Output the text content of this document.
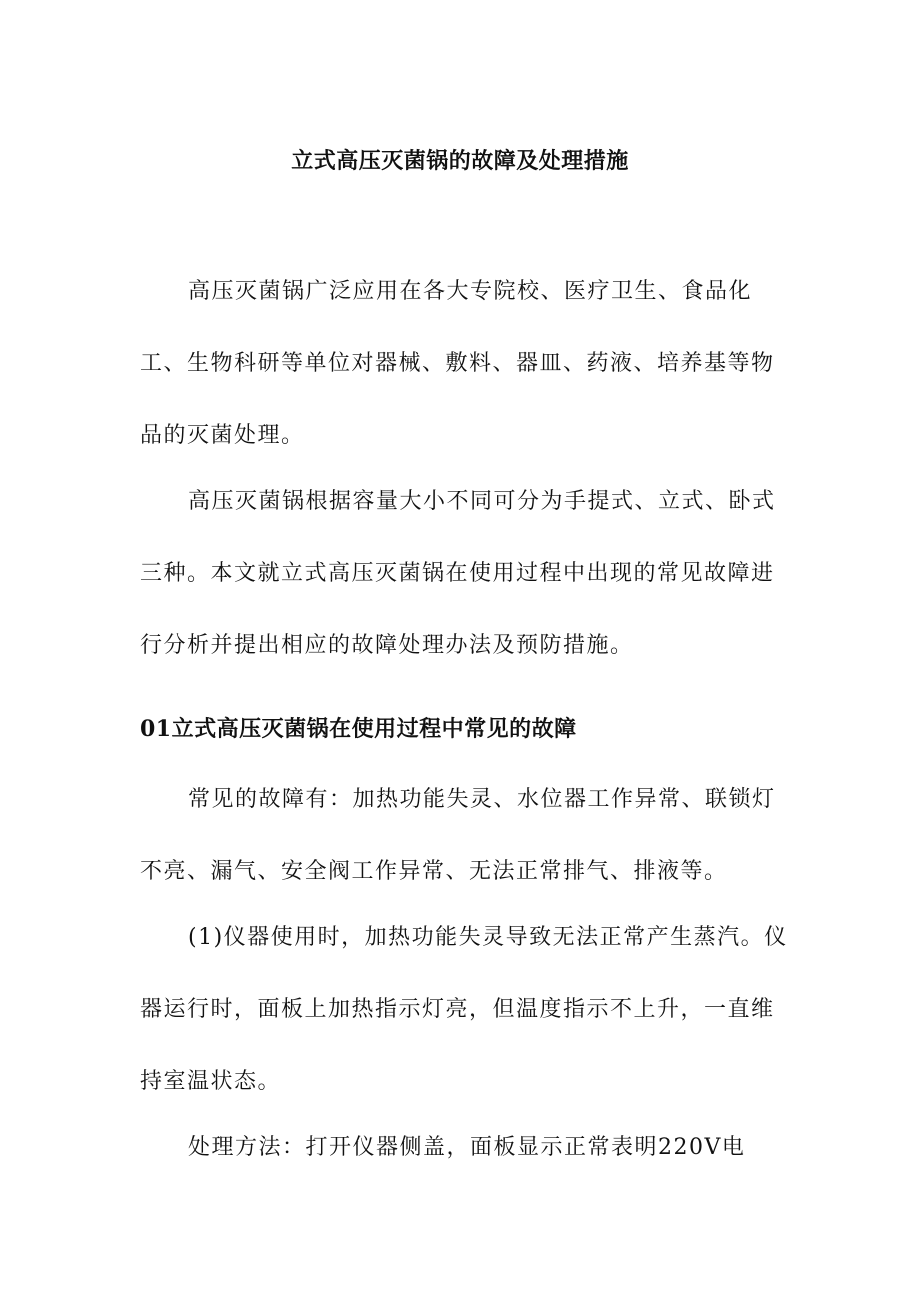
立式高压灭菌锅的故障及处理措施

高压灭菌锅广泛应用在各大专院校、医疗卫生、食品化工、生物科研等单位对器械、敷料、器皿、药液、培养基等物品的灭菌处理。

高压灭菌锅根据容量大小不同可分为手提式、立式、卧式三种。本文就立式高压灭菌锅在使用过程中出现的常见故障进行分析并提出相应的故障处理办法及预防措施。

01立式高压灭菌锅在使用过程中常见的故障

常见的故障有：加热功能失灵、水位器工作异常、联锁灯不亮、漏气、安全阀工作异常、无法正常排气、排液等。

(1)仪器使用时，加热功能失灵导致无法正常产生蒸汽。仪器运行时，面板上加热指示灯亮，但温度指示不上升，一直维持室温状态。

处理方法：打开仪器侧盖，面板显示正常表明220V电
